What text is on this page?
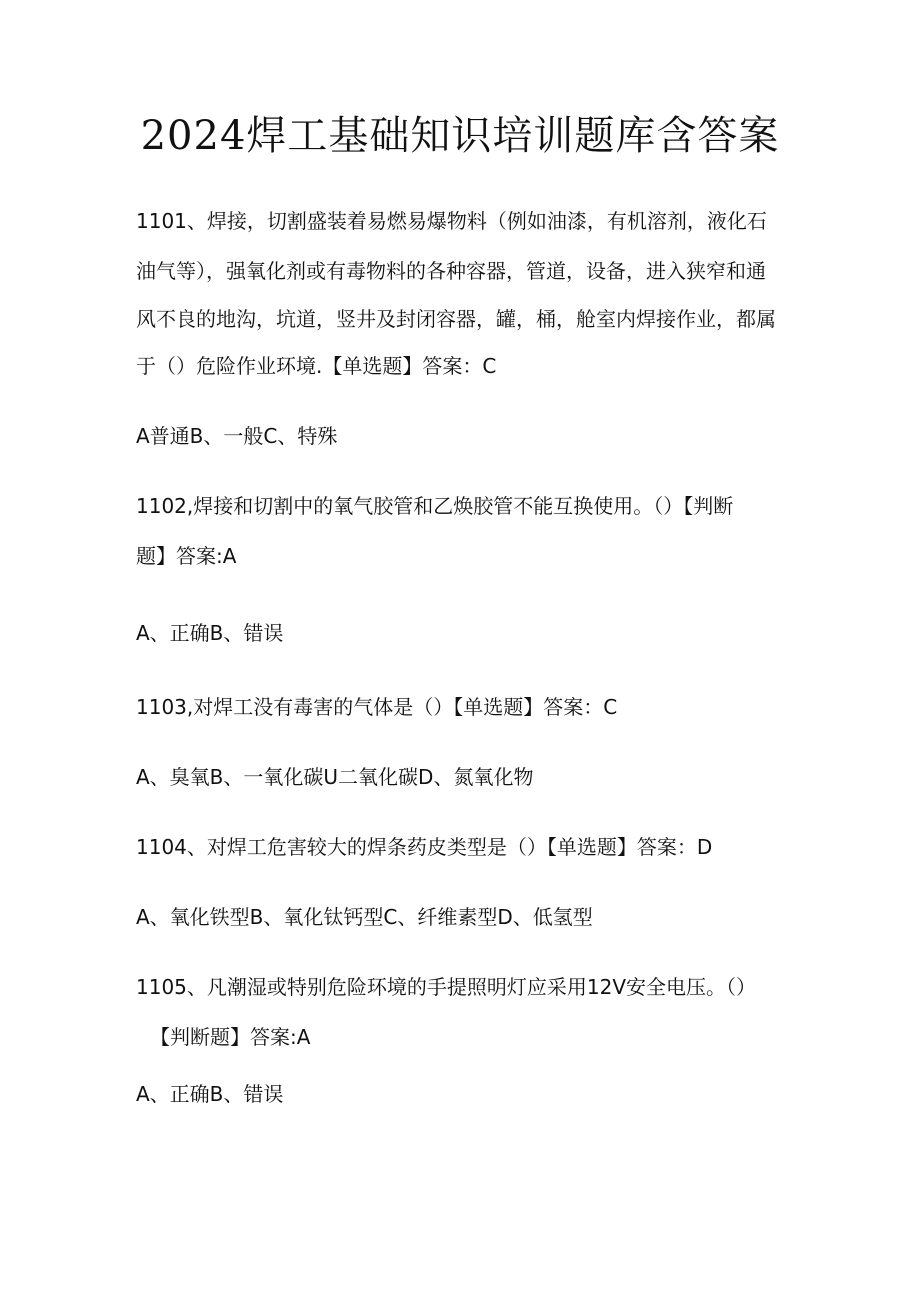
2024焊工基础知识培训题库含答案

1101、焊接，切割盛装着易燃易爆物料（例如油漆，有机溶剂，液化石

油气等），强氧化剂或有毒物料的各种容器，管道，设备，进入狭窄和通

风不良的地沟，坑道，竖井及封闭容器，罐，桶，舱室内焊接作业，都属

于（）危险作业环境.【单选题】答案：C

A普通B、一般C、特殊

1102,焊接和切割中的氧气胶管和乙焕胶管不能互换使用。（）【判断

题】答案:A

A、正确B、错误

1103,对焊工没有毒害的气体是（）【单选题】答案：C

A、臭氧B、一氧化碳U二氧化碳D、氮氧化物

1104、对焊工危害较大的焊条药皮类型是（）【单选题】答案：D

A、氧化铁型B、氧化钛钙型C、纤维素型D、低氢型

1105、凡潮湿或特别危险环境的手提照明灯应采用12V安全电压。（）

【判断题】答案:A

A、正确B、错误
